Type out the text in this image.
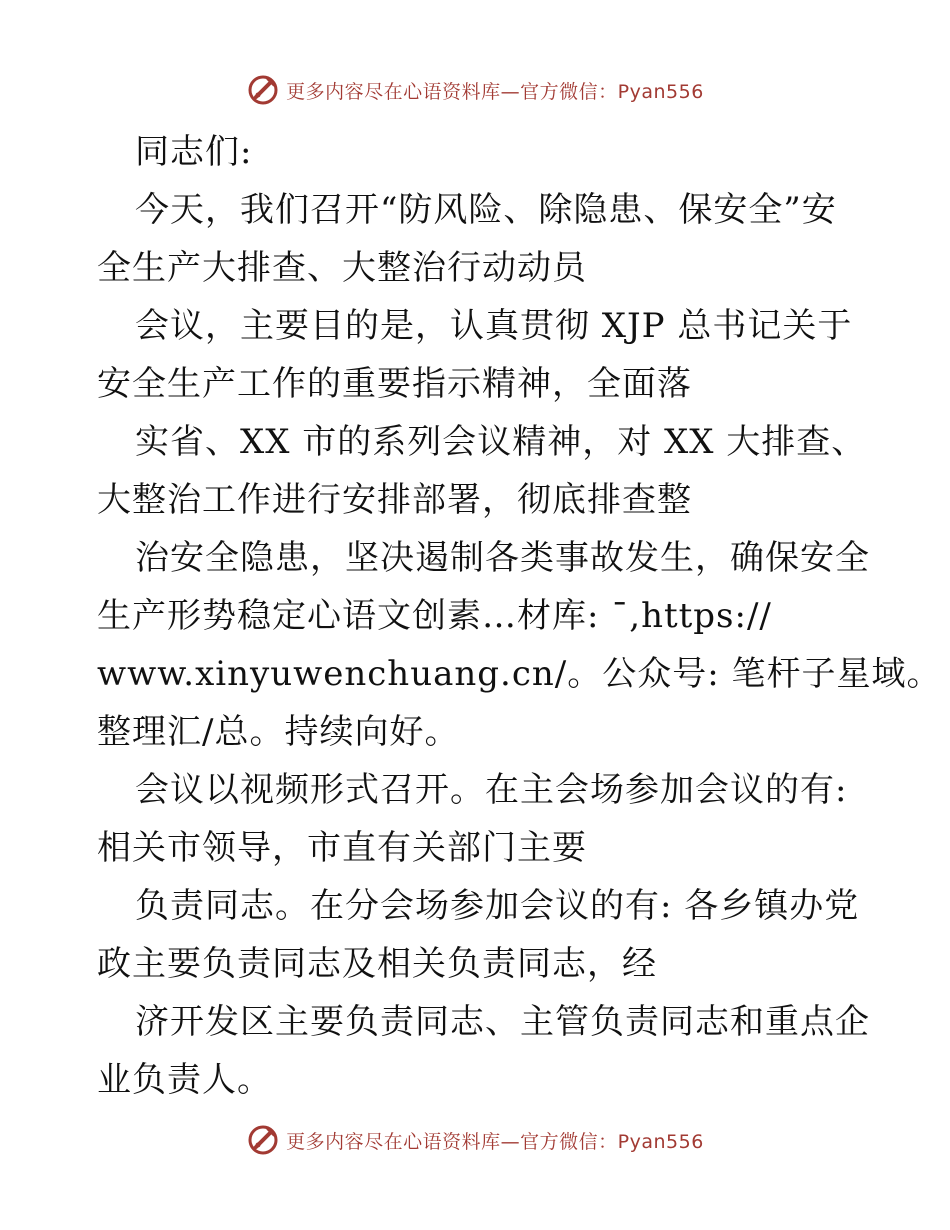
更多内容尽在心语资料库—官方微信：Pyan556
同志们:
今天，我们召开“防风险、除隐患、保安全”安
全生产大排查、大整治行动动员
会议，主要目的是，认真贯彻 XJP 总书记关于
安全生产工作的重要指示精神，全面落
实省、XX 市的系列会议精神，对 XX 大排查、
大整治工作进行安排部署，彻底排查整
治安全隐患，坚决遏制各类事故发生，确保安全
生产形势稳定心语文创素…材库: ¯,https://
www.xinyuwenchuang.cn/。公众号: 笔杆子星域。
整理汇/总。持续向好。
会议以视频形式召开。在主会场参加会议的有:
相关市领导，市直有关部门主要
负责同志。在分会场参加会议的有: 各乡镇办党
政主要负责同志及相关负责同志，经
济开发区主要负责同志、主管负责同志和重点企
业负责人。
更多内容尽在心语资料库—官方微信：Pyan556
